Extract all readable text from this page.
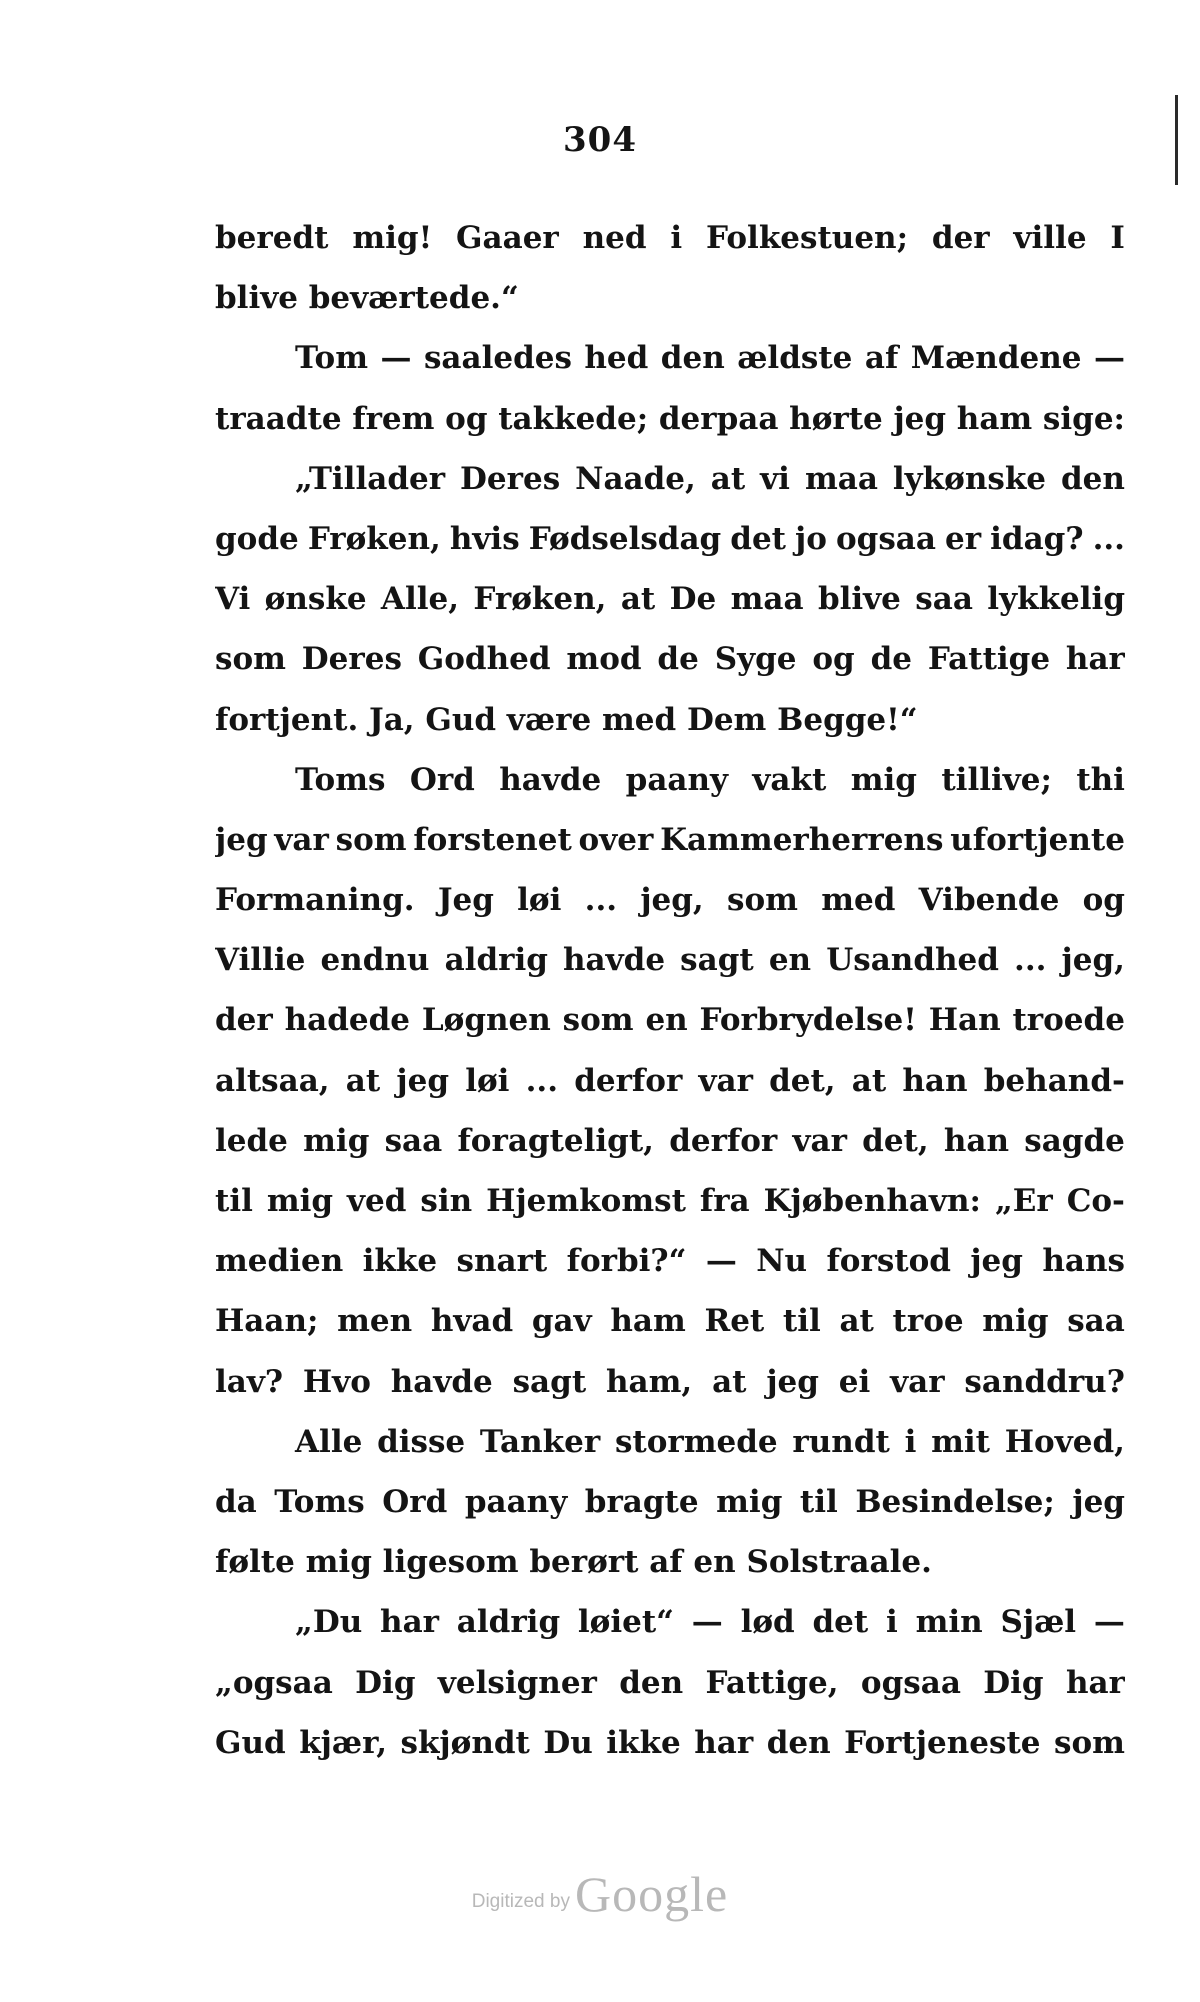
304
beredt mig! Gaaer ned i Folkestuen; der ville I
blive beværtede.“
Tom — saaledes hed den ældste af Mændene —
traadte frem og takkede; derpaa hørte jeg ham sige:
„Tillader Deres Naade, at vi maa lykønske den
gode Frøken, hvis Fødselsdag det jo ogsaa er idag? ...
Vi ønske Alle, Frøken, at De maa blive saa lykkelig
som Deres Godhed mod de Syge og de Fattige har
fortjent. Ja, Gud være med Dem Begge!“
Toms Ord havde paany vakt mig tillive; thi
jeg var som forstenet over Kammerherrens ufortjente
Formaning. Jeg løi ... jeg, som med Vibende og
Villie endnu aldrig havde sagt en Usandhed ... jeg,
der hadede Løgnen som en Forbrydelse! Han troede
altsaa, at jeg løi ... derfor var det, at han behand-
lede mig saa foragteligt, derfor var det, han sagde
til mig ved sin Hjemkomst fra Kjøbenhavn: „Er Co-
medien ikke snart forbi?“ — Nu forstod jeg hans
Haan; men hvad gav ham Ret til at troe mig saa
lav? Hvo havde sagt ham, at jeg ei var sanddru?
Alle disse Tanker stormede rundt i mit Hoved,
da Toms Ord paany bragte mig til Besindelse; jeg
følte mig ligesom berørt af en Solstraale.
„Du har aldrig løiet“ — lød det i min Sjæl —
„ogsaa Dig velsigner den Fattige, ogsaa Dig har
Gud kjær, skjøndt Du ikke har den Fortjeneste som
Digitized by Google
